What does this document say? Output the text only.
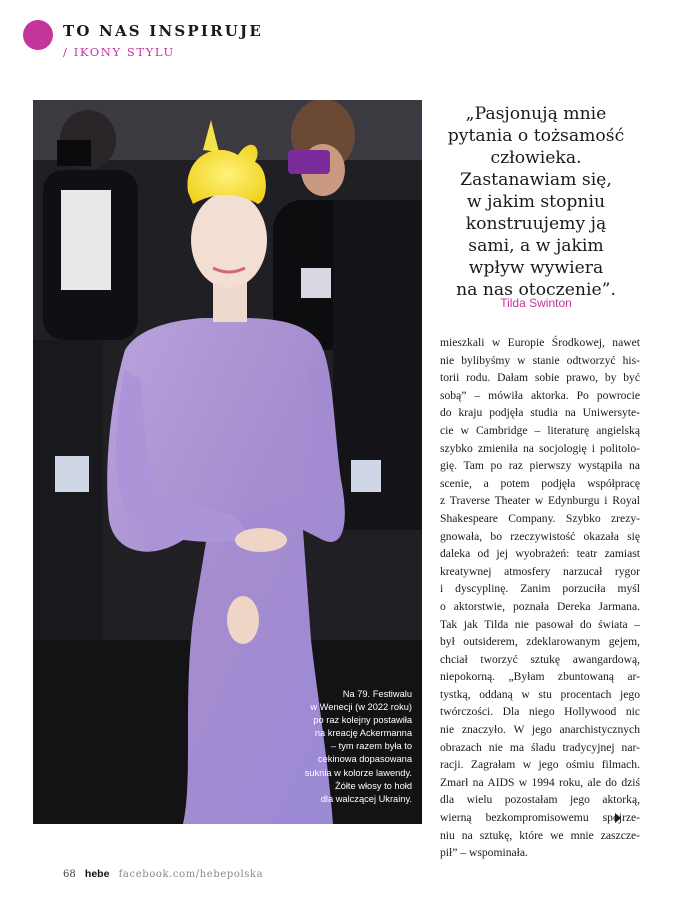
TO NAS INSPIRUJE
/ IKONY STYLU
Na 79. Festiwalu
w Wenecji (w 2022 roku)
po raz kolejny postawiła
na kreację Ackermanna
– tym razem była to
cekinowa dopasowana
suknia w kolorze lawendy.
Żółte włosy to hołd
dla walczącej Ukrainy.
„Pasjonują mnie
pytania o tożsamość
człowieka.
Zastanawiam się,
w jakim stopniu
konstruujemy ją
sami, a w jakim
wpływ wywiera
na nas otoczenie”.
Tilda Swinton
mieszkali w Europie Środkowej, nawet
nie bylibyśmy w stanie odtworzyć his-
torii rodu. Dałam sobie prawo, by być
sobą” – mówiła aktorka. Po powrocie
do kraju podjęła studia na Uniwersyte-
cie w Cambridge – literaturę angielską
szybko zmieniła na socjologię i politolo-
gię. Tam po raz pierwszy wystąpiła na
scenie, a potem podjęła współpracę
z Traverse Theater w Edynburgu i Royal
Shakespeare Company. Szybko zrezy-
gnowała, bo rzeczywistość okazała się
daleka od jej wyobrażeń: teatr zamiast
kreatywnej atmosfery narzucał rygor
i dyscyplinę. Zanim porzuciła myśl
o aktorstwie, poznała Dereka Jarmana.
Tak jak Tilda nie pasował do świata –
był outsiderem, zdeklarowanym gejem,
chciał tworzyć sztukę awangardową,
niepokorną. „Byłam zbuntowaną ar-
tystką, oddaną w stu procentach jego
twórczości. Dla niego Hollywood nic
nie znaczyło. W jego anarchistycznych
obrazach nie ma śladu tradycyjnej nar-
racji. Zagrałam w jego ośmiu filmach.
Zmarł na AIDS w 1994 roku, ale do dziś
dla wielu pozostałam jego aktorką,
wierną bezkompromisowemu spojrze-
niu na sztukę, które we mnie zaszcze-
pił” – wspominała.
68 hebe facebook.com/hebepolska
